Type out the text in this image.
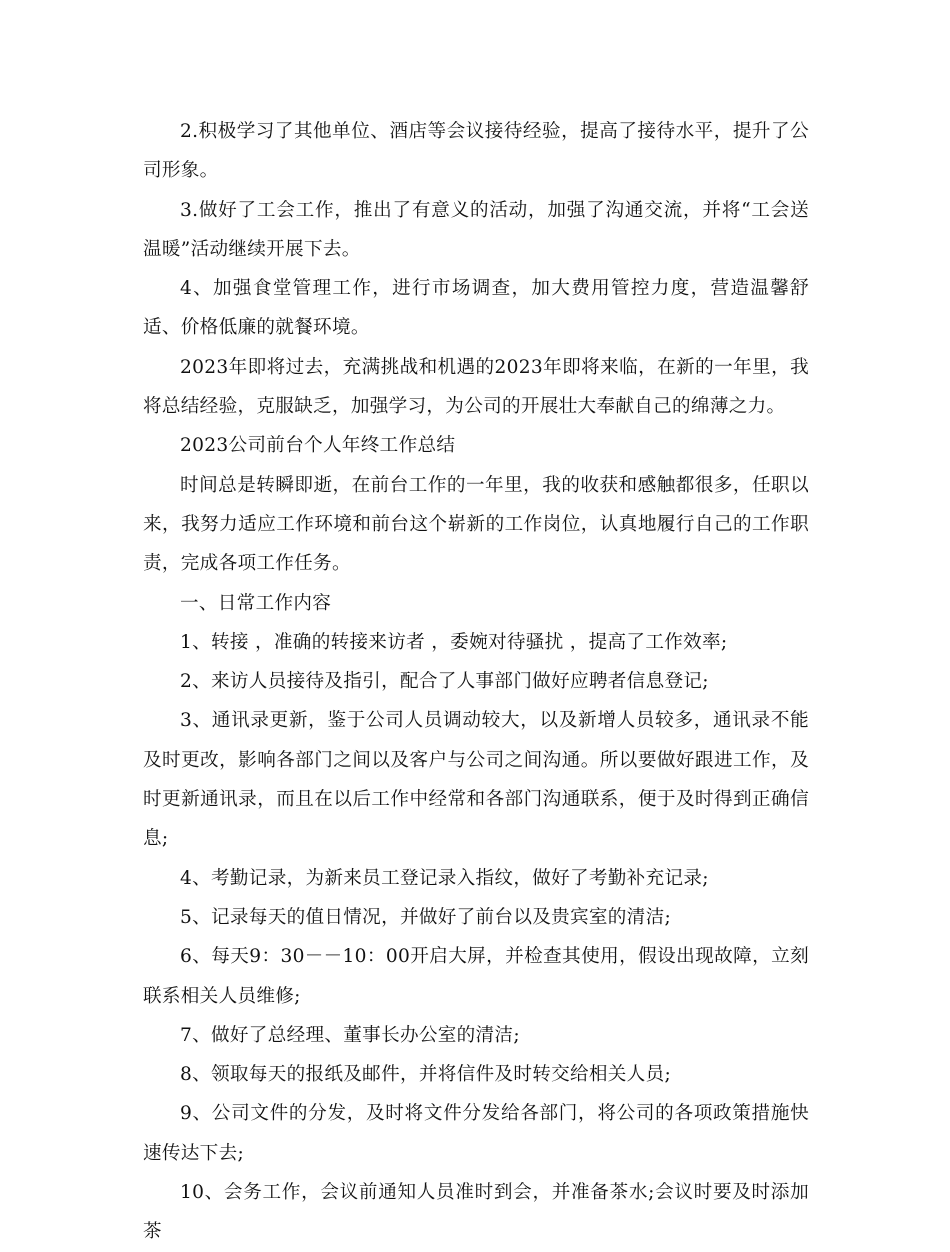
2.积极学习了其他单位、酒店等会议接待经验，提高了接待水平，提升了公司形象。

3.做好了工会工作，推出了有意义的活动，加强了沟通交流，并将“工会送温暖”活动继续开展下去。

4、加强食堂管理工作，进行市场调查，加大费用管控力度，营造温馨舒适、价格低廉的就餐环境。

2023年即将过去，充满挑战和机遇的2023年即将来临，在新的一年里，我将总结经验，克服缺乏，加强学习，为公司的开展壮大奉献自己的绵薄之力。

2023公司前台个人年终工作总结

时间总是转瞬即逝，在前台工作的一年里，我的收获和感触都很多，任职以来，我努力适应工作环境和前台这个崭新的工作岗位，认真地履行自己的工作职责，完成各项工作任务。

一、日常工作内容

1、转接 ，准确的转接来访者 ，委婉对待骚扰 ，提高了工作效率;

2、来访人员接待及指引，配合了人事部门做好应聘者信息登记;

3、通讯录更新，鉴于公司人员调动较大，以及新增人员较多，通讯录不能及时更改，影响各部门之间以及客户与公司之间沟通。所以要做好跟进工作，及时更新通讯录，而且在以后工作中经常和各部门沟通联系，便于及时得到正确信息;

4、考勤记录，为新来员工登记录入指纹，做好了考勤补充记录;

5、记录每天的值日情况，并做好了前台以及贵宾室的清洁;

6、每天9：30－－10：00开启大屏，并检查其使用，假设出现故障，立刻联系相关人员维修;

7、做好了总经理、董事长办公室的清洁;

8、领取每天的报纸及邮件，并将信件及时转交给相关人员;

9、公司文件的分发，及时将文件分发给各部门，将公司的各项政策措施快速传达下去;

10、会务工作，会议前通知人员准时到会，并准备茶水;会议时要及时添加茶
